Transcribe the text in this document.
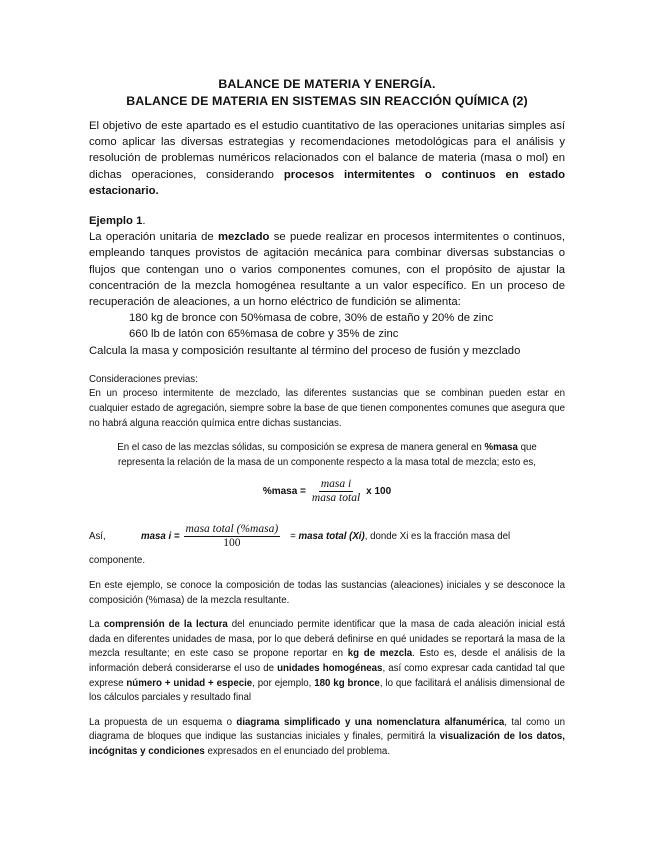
BALANCE DE MATERIA Y ENERGÍA.
BALANCE DE MATERIA EN SISTEMAS SIN REACCIÓN QUÍMICA (2)

El objetivo de este apartado es el estudio cuantitativo de las operaciones unitarias simples así como aplicar las diversas estrategias y recomendaciones metodológicas para el análisis y resolución de problemas numéricos relacionados con el balance de materia (masa o mol) en dichas operaciones, considerando procesos intermitentes o continuos en estado estacionario.

Ejemplo 1.

La operación unitaria de mezclado se puede realizar en procesos intermitentes o continuos, empleando tanques provistos de agitación mecánica para combinar diversas substancias o flujos que contengan uno o varios componentes comunes, con el propósito de ajustar la concentración de la mezcla homogénea resultante a un valor específico. En un proceso de recuperación de aleaciones, a un horno eléctrico de fundición se alimenta:

180 kg de bronce con 50%masa de cobre, 30% de estaño y 20% de zinc

660 lb de latón con 65%masa de cobre y 35% de zinc

Calcula la masa y composición resultante al término del proceso de fusión y mezclado

Consideraciones previas:

En un proceso intermitente de mezclado, las diferentes sustancias que se combinan pueden estar en cualquier estado de agregación, siempre sobre la base de que tienen componentes comunes que asegura que no habrá alguna reacción química entre dichas sustancias.

En el caso de las mezclas sólidas, su composición se expresa de manera general en %masa que representa la relación de la masa de un componente respecto a la masa total de mezcla; esto es,

%masa = $\frac{\text{masa i}}{\text{masa total}}$ x 100
Así,	masa $i = \frac{\text{masa total (\%masa)}}{100}$ = masa total (Xi), donde Xi es la fracción masa del

componente.

En este ejemplo, se conoce la composición de todas las sustancias (aleaciones) iniciales y se desconoce la composición (%masa) de la mezcla resultante.

La comprensión de la lectura del enunciado permite identificar que la masa de cada aleación inicial está dada en diferentes unidades de masa, por lo que deberá definirse en qué unidades se reportará la masa de la mezcla resultante; en este caso se propone reportar en kg de mezcla. Esto es, desde el análisis de la información deberá considerarse el uso de unidades homogéneas, así como expresar cada cantidad tal que exprese número + unidad + especie, por ejemplo, 180 kg bronce, lo que facilitará el análisis dimensional de los cálculos parciales y resultado final

La propuesta de un esquema o diagrama simplificado y una nomenclatura alfanumérica, tal como un diagrama de bloques que indique las sustancias iniciales y finales, permitirá la visualización de los datos, incógnitas y condiciones expresados en el enunciado del problema.
